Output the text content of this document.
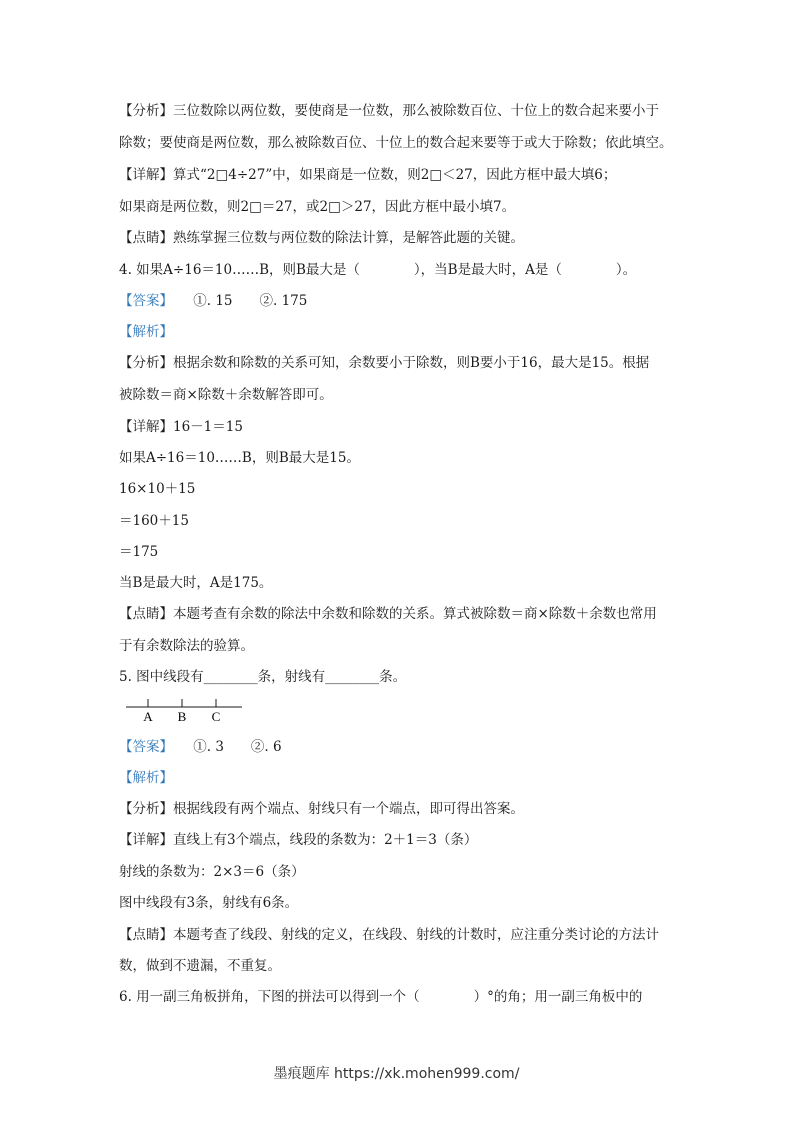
【分析】三位数除以两位数，要使商是一位数，那么被除数百位、十位上的数合起来要小于
除数；要使商是两位数，那么被除数百位、十位上的数合起来要等于或大于除数；依此填空。
【详解】算式“2□4÷27”中，如果商是一位数，则2□＜27，因此方框中最大填6；
如果商是两位数，则2□＝27，或2□＞27，因此方框中最小填7。
【点睛】熟练掌握三位数与两位数的除法计算，是解答此题的关键。
4. 如果A÷16＝10……B，则B最大是（　　　　），当B是最大时，A是（　　　　）。
【答案】　　①. 15　　②. 175
【解析】
【分析】根据余数和除数的关系可知，余数要小于除数，则B要小于16，最大是15。根据
被除数＝商×除数＋余数解答即可。
【详解】16－1＝15
如果A÷16＝10……B，则B最大是15。
16×10＋15
＝160＋15
＝175
当B是最大时，A是175。
【点睛】本题考查有余数的除法中余数和除数的关系。算式被除数＝商×除数＋余数也常用
于有余数除法的验算。
5. 图中线段有________条，射线有________条。
A B C
【答案】　　①. 3　　②. 6
【解析】
【分析】根据线段有两个端点、射线只有一个端点，即可得出答案。
【详解】直线上有3个端点，线段的条数为：2＋1＝3（条）
射线的条数为：2×3＝6（条）
图中线段有3条，射线有6条。
【点睛】本题考查了线段、射线的定义，在线段、射线的计数时，应注重分类讨论的方法计
数，做到不遗漏，不重复。
6. 用一副三角板拼角，下图的拼法可以得到一个（　　　　）°的角；用一副三角板中的
墨痕题库 https://xk.mohen999.com/
